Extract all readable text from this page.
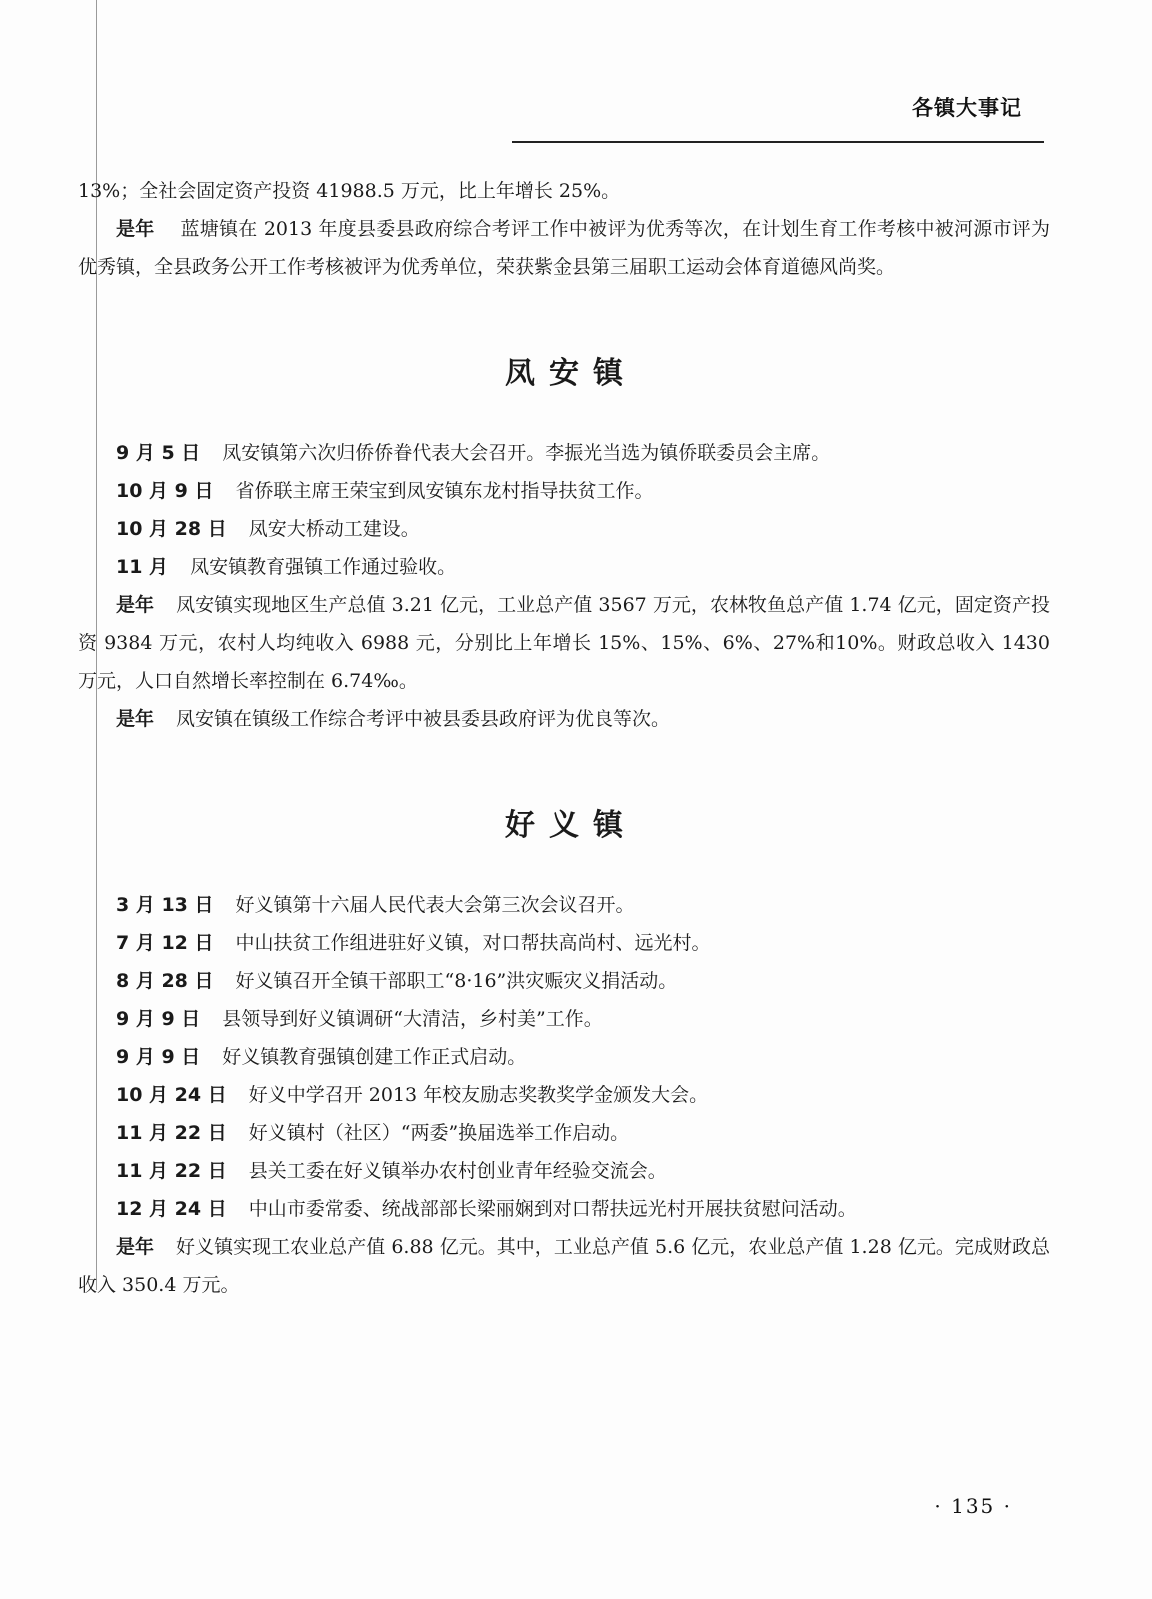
各镇大事记

13%；全社会固定资产投资 41988.5 万元，比上年增长 25%。

是年 蓝塘镇在 2013 年度县委县政府综合考评工作中被评为优秀等次，在计划生育工作考核中被河源市评为优秀镇，全县政务公开工作考核被评为优秀单位，荣获紫金县第三届职工运动会体育道德风尚奖。

凤安镇

9 月 5 日 凤安镇第六次归侨侨眷代表大会召开。李振光当选为镇侨联委员会主席。

10 月 9 日 省侨联主席王荣宝到凤安镇东龙村指导扶贫工作。

10 月 28 日 凤安大桥动工建设。

11 月 凤安镇教育强镇工作通过验收。

是年 凤安镇实现地区生产总值 3.21 亿元，工业总产值 3567 万元，农林牧鱼总产值 1.74 亿元，固定资产投资 9384 万元，农村人均纯收入 6988 元，分别比上年增长 15%、15%、6%、27%和10%。财政总收入 1430 万元，人口自然增长率控制在 6.74‰。

是年 凤安镇在镇级工作综合考评中被县委县政府评为优良等次。

好义镇

3 月 13 日 好义镇第十六届人民代表大会第三次会议召开。

7 月 12 日 中山扶贫工作组进驻好义镇，对口帮扶高尚村、远光村。

8 月 28 日 好义镇召开全镇干部职工“8·16”洪灾赈灾义捐活动。

9 月 9 日 县领导到好义镇调研“大清洁，乡村美”工作。

9 月 9 日 好义镇教育强镇创建工作正式启动。

10 月 24 日 好义中学召开 2013 年校友励志奖教奖学金颁发大会。

11 月 22 日 好义镇村（社区）“两委”换届选举工作启动。

11 月 22 日 县关工委在好义镇举办农村创业青年经验交流会。

12 月 24 日 中山市委常委、统战部部长梁丽娴到对口帮扶远光村开展扶贫慰问活动。

是年 好义镇实现工农业总产值 6.88 亿元。其中，工业总产值 5.6 亿元，农业总产值 1.28 亿元。完成财政总收入 350.4 万元。

· 135 ·
